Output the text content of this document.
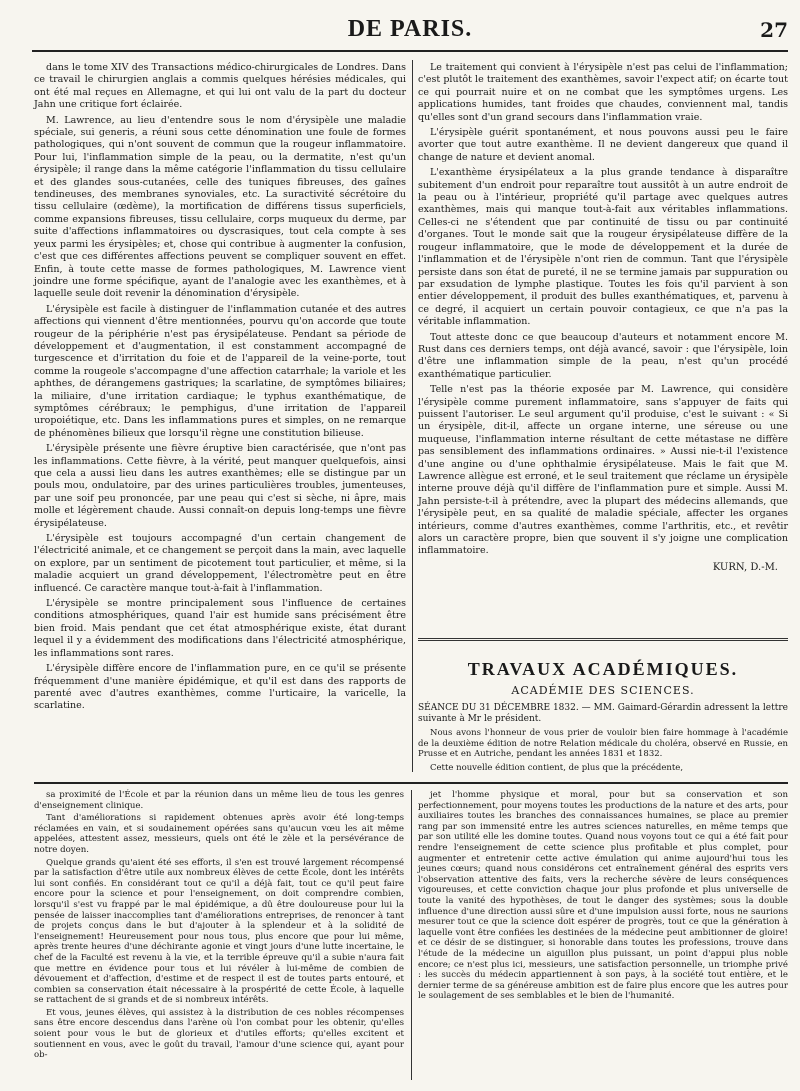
DE PARIS.	27

dans le tome XIV des Transactions médico-chirurgicales de Londres. Dans ce travail le chirurgien anglais a commis quelques hérésies médicales, qui ont été mal reçues en Allemagne, et qui lui ont valu de la part du docteur Jahn une critique fort éclairée.

M. Lawrence, au lieu d'entendre sous le nom d'érysipèle une maladie spéciale, sui generis, a réuni sous cette dénomination une foule de formes pathologiques, qui n'ont souvent de commun que la rougeur inflammatoire. Pour lui, l'inflammation simple de la peau, ou la dermatite, n'est qu'un érysipèle; il range dans la même catégorie l'inflammation du tissu cellulaire et des glandes sous-cutanées, celle des tuniques fibreuses, des gaînes tendineuses, des membranes synoviales, etc. La suractivité sécrétoire du tissu cellulaire (œdème), la mortification de différens tissus superficiels, comme expansions fibreuses, tissu cellulaire, corps muqueux du derme, par suite d'affections inflammatoires ou dyscrasiques, tout cela compte à ses yeux parmi les érysipèles; et, chose qui contribue à augmenter la confusion, c'est que ces différentes affections peuvent se compliquer souvent en effet. Enfin, à toute cette masse de formes pathologiques, M. Lawrence vient joindre une forme spécifique, ayant de l'analogie avec les exanthèmes, et à laquelle seule doit revenir la dénomination d'érysipèle.

L'érysipèle est facile à distinguer de l'inflammation cutanée et des autres affections qui viennent d'être mentionnées, pourvu qu'on accorde que toute rougeur de la périphérie n'est pas érysipélateuse. Pendant sa période de développement et d'augmentation, il est constamment accompagné de turgescence et d'irritation du foie et de l'appareil de la veine-porte, tout comme la rougeole s'accompagne d'une affection catarrhale; la variole et les aphthes, de dérangemens gastriques; la scarlatine, de symptômes biliaires; la miliaire, d'une irritation cardiaque; le typhus exanthématique, de symptômes cérébraux; le pemphigus, d'une irritation de l'appareil uropoiétique, etc. Dans les inflammations pures et simples, on ne remarque de phénomènes bilieux que lorsqu'il règne une constitution bilieuse.

L'érysipèle présente une fièvre éruptive bien caractérisée, que n'ont pas les inflammations. Cette fièvre, à la vérité, peut manquer quelquefois, ainsi que cela a aussi lieu dans les autres exanthèmes; elle se distingue par un pouls mou, ondulatoire, par des urines particulières troubles, jumenteuses, par une soif peu prononcée, par une peau qui c'est si sèche, ni âpre, mais molle et légèrement chaude. Aussi connaît-on depuis long-temps une fièvre érysipélateuse.

L'érysipèle est toujours accompagné d'un certain changement de l'électricité animale, et ce changement se perçoit dans la main, avec laquelle on explore, par un sentiment de picotement tout particulier, et même, si la maladie acquiert un grand développement, l'électromètre peut en être influencé. Ce caractère manque tout-à-fait à l'inflammation.

L'érysipèle se montre principalement sous l'influence de certaines conditions atmosphériques, quand l'air est humide sans précisément être bien froid. Mais pendant que cet état atmosphérique existe, état durant lequel il y a évidemment des modifications dans l'électricité atmosphérique, les inflammations sont rares.

L'érysipèle diffère encore de l'inflammation pure, en ce qu'il se présente fréquemment d'une manière épidémique, et qu'il est dans des rapports de parenté avec d'autres exanthèmes, comme l'urticaire, la varicelle, la scarlatine.

Le traitement qui convient à l'érysipèle n'est pas celui de l'inflammation; c'est plutôt le traitement des exanthèmes, savoir l'expect atif; on écarte tout ce qui pourrait nuire et on ne combat que les symptômes urgens. Les applications humides, tant froides que chaudes, conviennent mal, tandis qu'elles sont d'un grand secours dans l'inflammation vraie.

L'érysipèle guérit spontanément, et nous pouvons aussi peu le faire avorter que tout autre exanthème. Il ne devient dangereux que quand il change de nature et devient anomal.

L'exanthème érysipélateux a la plus grande tendance à disparaître subitement d'un endroit pour reparaître tout aussitôt à un autre endroit de la peau ou à l'intérieur, propriété qu'il partage avec quelques autres exanthèmes, mais qui manque tout-à-fait aux véritables inflammations. Celles-ci ne s'étendent que par continuité de tissu ou par continuité d'organes. Tout le monde sait que la rougeur érysipélateuse diffère de la rougeur inflammatoire, que le mode de développement et la durée de l'inflammation et de l'érysipèle n'ont rien de commun. Tant que l'érysipèle persiste dans son état de pureté, il ne se termine jamais par suppuration ou par exsudation de lymphe plastique. Toutes les fois qu'il parvient à son entier développement, il produit des bulles exanthématiques, et, parvenu à ce degré, il acquiert un certain pouvoir contagieux, ce que n'a pas la véritable inflammation.

Tout atteste donc ce que beaucoup d'auteurs et notamment encore M. Rust dans ces derniers temps, ont déjà avancé, savoir : que l'érysipèle, loin d'être une inflammation simple de la peau, n'est qu'un procédé exanthématique particulier.

Telle n'est pas la théorie exposée par M. Lawrence, qui considère l'érysipèle comme purement inflammatoire, sans s'appuyer de faits qui puissent l'autoriser. Le seul argument qu'il produise, c'est le suivant : « Si un érysipèle, dit-il, affecte un organe interne, une séreuse ou une muqueuse, l'inflammation interne résultant de cette métastase ne diffère pas sensiblement des inflammations ordinaires. » Aussi nie-t-il l'existence d'une angine ou d'une ophthalmie érysipélateuse. Mais le fait que M. Lawrence allègue est erroné, et le seul traitement que réclame un érysipèle interne prouve déjà qu'il diffère de l'inflammation pure et simple. Aussi M. Jahn persiste-t-il à prétendre, avec la plupart des médecins allemands, que l'érysipèle peut, en sa qualité de maladie spéciale, affecter les organes intérieurs, comme d'autres exanthèmes, comme l'arthritis, etc., et revêtir alors un caractère propre, bien que souvent il s'y joigne une complication inflammatoire.

KURN, D.-M.
TRAVAUX ACADÉMIQUES.
ACADÉMIE DES SCIENCES.
SÉANCE DU 31 DÉCEMBRE 1832. — MM. Gaimard-Gérardin adressent la lettre suivante à Mr le président.

Nous avons l'honneur de vous prier de vouloir bien faire hommage à l'académie de la deuxième édition de notre Relation médicale du choléra, observé en Russie, en Prusse et en Autriche, pendant les années 1831 et 1832.

Cette nouvelle édition contient, de plus que la précédente,

sa proximité de l'École et par la réunion dans un même lieu de tous les genres d'enseignement clinique.

Tant d'améliorations si rapidement obtenues après avoir été long-temps réclamées en vain, et si soudainement opérées sans qu'aucun vœu les ait même appelées, attestent assez, messieurs, quels ont été le zèle et la persévérance de notre doyen.

Quelque grands qu'aient été ses efforts, il s'en est trouvé largement récompensé par la satisfaction d'être utile aux nombreux élèves de cette École, dont les intérêts lui sont confiés. En considérant tout ce qu'il a déjà fait, tout ce qu'il peut faire encore pour la science et pour l'enseignement, on doit comprendre combien, lorsqu'il s'est vu frappé par le mal épidémique, a dû être douloureuse pour lui la pensée de laisser inaccomplies tant d'améliorations entreprises, de renoncer à tant de projets conçus dans le but d'ajouter à la splendeur et à la solidité de l'enseignement! Heureusement pour nous tous, plus encore que pour lui même, après trente heures d'une déchirante agonie et vingt jours d'une lutte incertaine, le chef de la Faculté est revenu à la vie, et la terrible épreuve qu'il a subie n'aura fait que mettre en évidence pour tous et lui révéler à lui-même de combien de dévouement et d'affection, d'estime et de respect il est de toutes parts entouré, et combien sa conservation était nécessaire à la prospérité de cette École, à laquelle se rattachent de si grands et de si nombreux intérêts.

Et vous, jeunes élèves, qui assistez à la distribution de ces nobles récompenses sans être encore descendus dans l'arène où l'on combat pour les obtenir, qu'elles soient pour vous le but de glorieux et d'utiles efforts; qu'elles excitent et soutiennent en vous, avec le goût du travail, l'amour d'une science qui, ayant pour ob-

jet l'homme physique et moral, pour but sa conservation et son perfectionnement, pour moyens toutes les productions de la nature et des arts, pour auxiliaires toutes les branches des connaissances humaines, se place au premier rang par son immensité entre les autres sciences naturelles, en même temps que par son utilité elle les domine toutes. Quand nous voyons tout ce qui a été fait pour rendre l'enseignement de cette science plus profitable et plus complet, pour augmenter et entretenir cette active émulation qui anime aujourd'hui tous les jeunes cœurs; quand nous considérons cet entraînement général des esprits vers l'observation attentive des faits, vers la recherche sévère de leurs conséquences vigoureuses, et cette conviction chaque jour plus profonde et plus universelle de toute la vanité des hypothèses, de tout le danger des systèmes; sous la double influence d'une direction aussi sûre et d'une impulsion aussi forte, nous ne saurions mesurer tout ce que la science doit espérer de progrès, tout ce que la génération à laquelle vont être confiées les destinées de la médecine peut ambitionner de gloire! et ce désir de se distinguer, si honorable dans toutes les professions, trouve dans l'étude de la médecine un aiguillon plus puissant, un point d'appui plus noble encore; ce n'est plus ici, messieurs, une satisfaction personnelle, un triomphe privé : les succès du médecin appartiennent à son pays, à la société tout entière, et le dernier terme de sa généreuse ambition est de faire plus encore que les autres pour le soulagement de ses semblables et le bien de l'humanité.
